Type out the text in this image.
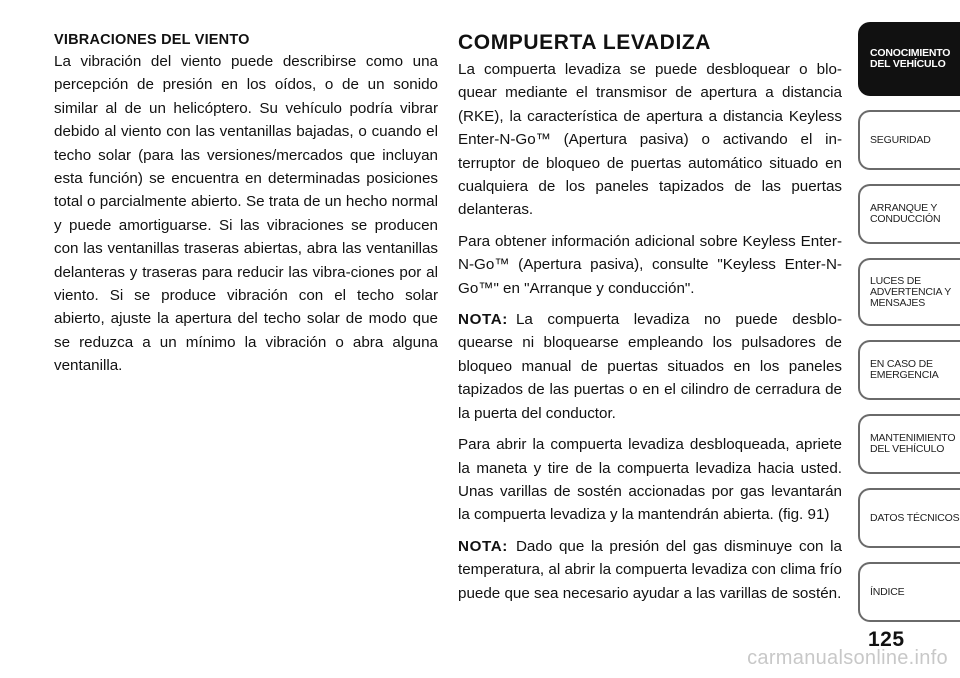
VIBRACIONES DEL VIENTO

La vibración del viento puede describirse como una percepción de presión en los oídos, o de un sonido similar al de un helicóptero. Su vehículo podría vibrar debido al viento con las ventanillas bajadas, o cuando el techo solar (para las versiones/mercados que incluyan esta función) se encuentra en determinadas posiciones total o parcialmente abierto. Se trata de un hecho normal y puede amortiguarse. Si las vibraciones se producen con las ventanillas traseras abiertas, abra las ventanillas delanteras y traseras para reducir las vibra-ciones por al viento. Si se produce vibración con el techo solar abierto, ajuste la apertura del techo solar de modo que se reduzca a un mínimo la vibración o abra alguna ventanilla.

COMPUERTA LEVADIZA

La compuerta levadiza se puede desbloquear o blo-quear mediante el transmisor de apertura a distancia (RKE), la característica de apertura a distancia Keyless Enter-N-Go™ (Apertura pasiva) o activando el in-terruptor de bloqueo de puertas automático situado en cualquiera de los paneles tapizados de las puertas delanteras.

Para obtener información adicional sobre Keyless Enter-N-Go™ (Apertura pasiva), consulte "Keyless Enter-N-Go™" en "Arranque y conducción".

NOTA: La compuerta levadiza no puede desblo-quearse ni bloquearse empleando los pulsadores de bloqueo manual de puertas situados en los paneles tapizados de las puertas o en el cilindro de cerradura de la puerta del conductor.

Para abrir la compuerta levadiza desbloqueada, apriete la maneta y tire de la compuerta levadiza hacia usted. Unas varillas de sostén accionadas por gas levantarán la compuerta levadiza y la mantendrán abierta. (fig. 91)

NOTA: Dado que la presión del gas disminuye con la temperatura, al abrir la compuerta levadiza con clima frío puede que sea necesario ayudar a las varillas de sostén.

CONOCIMIENTO DEL VEHÍCULO
SEGURIDAD
ARRANQUE Y CONDUCCIÓN
LUCES DE ADVERTENCIA Y MENSAJES
EN CASO DE EMERGENCIA
MANTENIMIENTO DEL VEHÍCULO
DATOS TÉCNICOS
ÍNDICE
125
carmanualsonline.info
